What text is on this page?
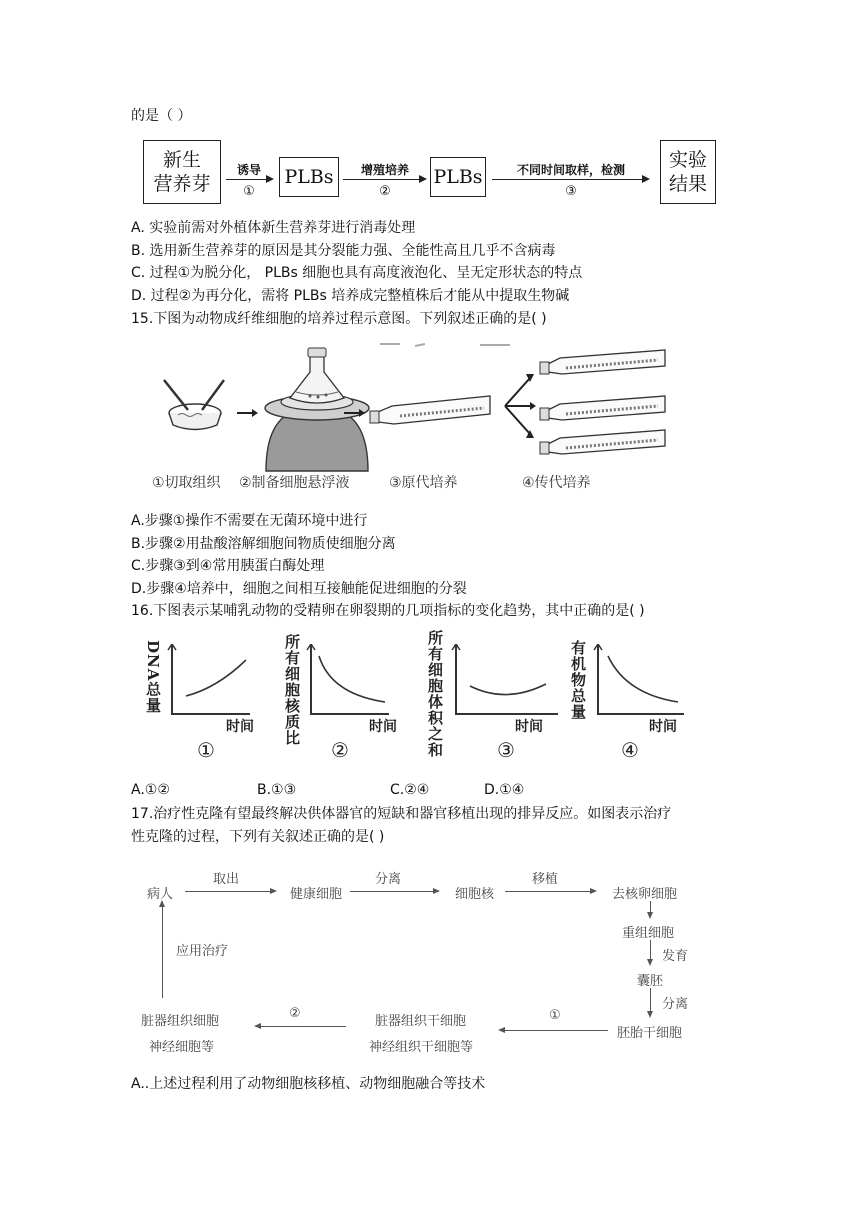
的是（ ）
新生
营养芽
诱导
①
PLBs	增殖培养
②
PLBs	不同时间取样，检测
③
实验
结果
A. 实验前需对外植体新生营养芽进行消毒处理
B. 选用新生营养芽的原因是其分裂能力强、全能性高且几乎不含病毒
C. 过程①为脱分化， PLBs 细胞也具有高度液泡化、呈无定形状态的特点
D. 过程②为再分化，需将 PLBs 培养成完整植株后才能从中提取生物碱
15.下图为动物成纤维细胞的培养过程示意图。下列叙述正确的是( )
①切取组织 ②制备细胞悬浮液	③原代培养	④传代培养
A.步骤①操作不需要在无菌环境中进行
B.步骤②用盐酸溶解细胞间物质使细胞分离
C.步骤③到④常用胰蛋白酶处理
D.步骤④培养中，细胞之间相互接触能促进细胞的分裂
16.下图表示某哺乳动物的受精卵在卵裂期的几项指标的变化趋势，其中正确的是( )
DNA总量
时间
①
所有细胞核质比	时间
②	所有细胞体积之和	时间
③
有机物总量
时间
④
A.①②	B.①③	C.②④	D.①④
17.治疗性克隆有望最终解决供体器官的短缺和器官移植出现的排异反应。如图表示治疗
性克隆的过程，下列有关叙述正确的是( )
病人
取出
健康细胞
分离
细胞核
移植
去核卵细胞
重组细胞
发育
囊胚
分离
胚胎干细胞
①
脏器组织干细胞
神经组织干细胞等
②
脏器组织细胞
神经细胞等
应用治疗
A..上述过程利用了动物细胞核移植、动物细胞融合等技术
